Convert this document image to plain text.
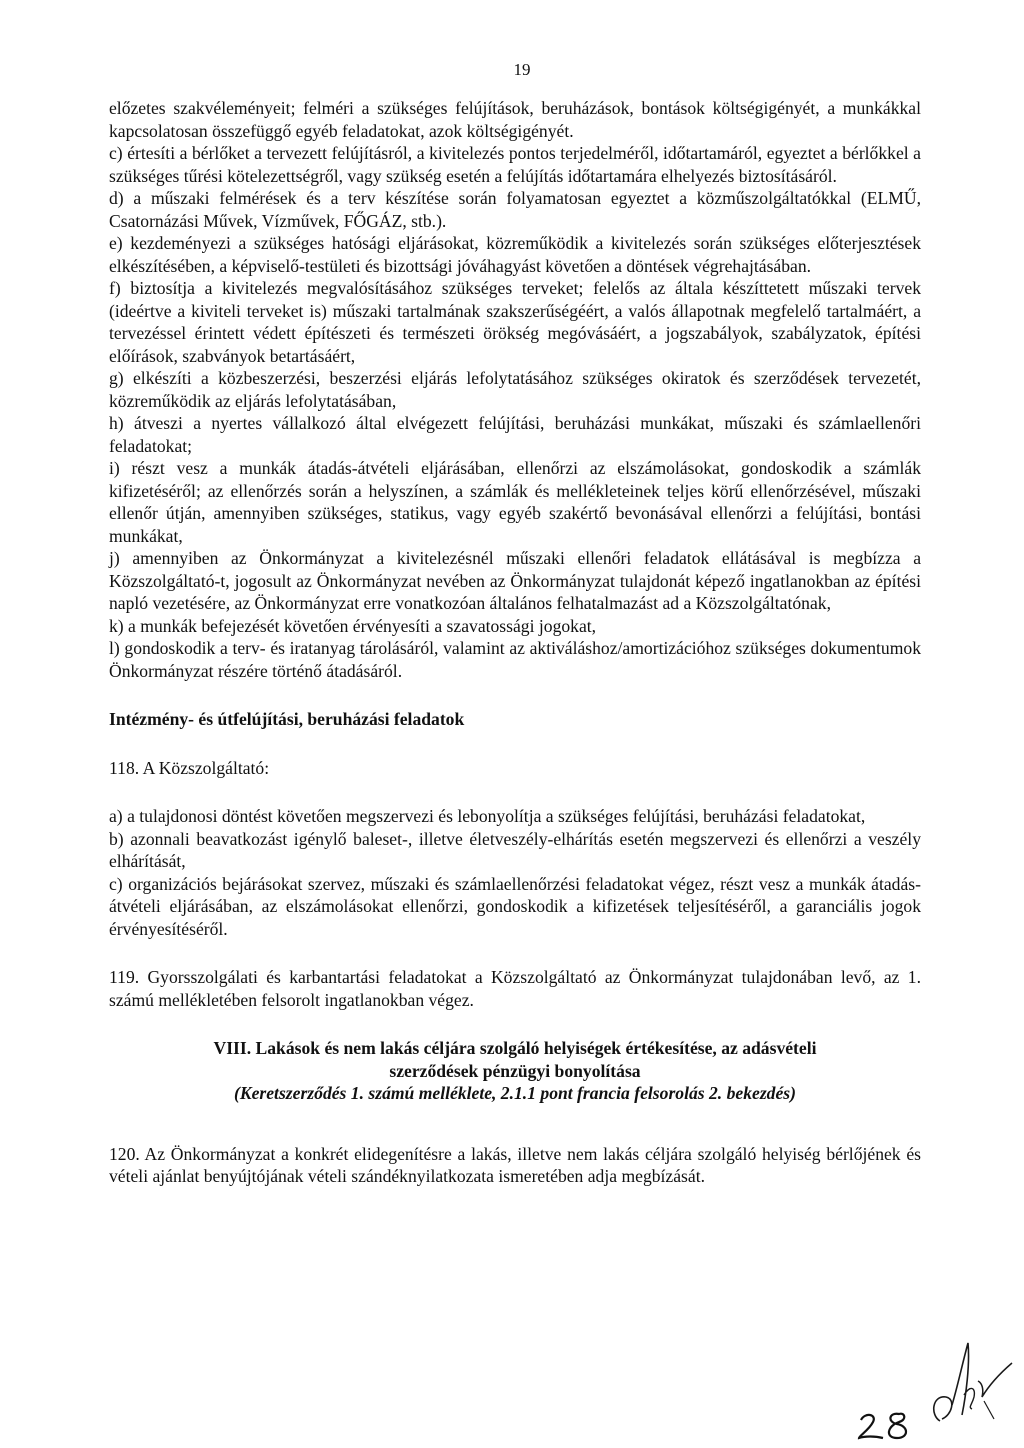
19

előzetes szakvéleményeit; felméri a szükséges felújítások, beruházások, bontások költségigényét, a munkákkal kapcsolatosan összefüggő egyéb feladatokat, azok költségigényét.

c) értesíti a bérlőket a tervezett felújításról, a kivitelezés pontos terjedelméről, időtartamáról, egyeztet a bérlőkkel a szükséges tűrési kötelezettségről, vagy szükség esetén a felújítás időtartamára elhelyezés biztosításáról.

d) a műszaki felmérések és a terv készítése során folyamatosan egyeztet a közműszolgáltatókkal (ELMŰ, Csatornázási Művek, Vízművek, FŐGÁZ, stb.).

e) kezdeményezi a szükséges hatósági eljárásokat, közreműködik a kivitelezés során szükséges előterjesztések elkészítésében, a képviselő-testületi és bizottsági jóváhagyást követően a döntések végrehajtásában.

f) biztosítja a kivitelezés megvalósításához szükséges terveket; felelős az általa készíttetett műszaki tervek (ideértve a kiviteli terveket is) műszaki tartalmának szakszerűségéért, a valós állapotnak megfelelő tartalmáért, a tervezéssel érintett védett építészeti és természeti örökség megóvásáért, a jogszabályok, szabályzatok, építési előírások, szabványok betartásáért,

g) elkészíti a közbeszerzési, beszerzési eljárás lefolytatásához szükséges okiratok és szerződések tervezetét, közreműködik az eljárás lefolytatásában,

h) átveszi a nyertes vállalkozó által elvégezett felújítási, beruházási munkákat, műszaki és számlaellenőri feladatokat;

i) részt vesz a munkák átadás-átvételi eljárásában, ellenőrzi az elszámolásokat, gondoskodik a számlák kifizetéséről; az ellenőrzés során a helyszínen, a számlák és mellékleteinek teljes körű ellenőrzésével, műszaki ellenőr útján, amennyiben szükséges, statikus, vagy egyéb szakértő bevonásával ellenőrzi a felújítási, bontási munkákat,

j) amennyiben az Önkormányzat a kivitelezésnél műszaki ellenőri feladatok ellátásával is megbízza a Közszolgáltató-t, jogosult az Önkormányzat nevében az Önkormányzat tulajdonát képező ingatlanokban az építési napló vezetésére, az Önkormányzat erre vonatkozóan általános felhatalmazást ad a Közszolgáltatónak,

k) a munkák befejezését követően érvényesíti a szavatossági jogokat,

l) gondoskodik a terv- és iratanyag tárolásáról, valamint az aktiváláshoz/amortizációhoz szükséges dokumentumok Önkormányzat részére történő átadásáról.

Intézmény- és útfelújítási, beruházási feladatok

118. A Közszolgáltató:

a) a tulajdonosi döntést követően megszervezi és lebonyolítja a szükséges felújítási, beruházási feladatokat,

b) azonnali beavatkozást igénylő baleset-, illetve életveszély-elhárítás esetén megszervezi és ellenőrzi a veszély elhárítását,

c) organizációs bejárásokat szervez, műszaki és számlaellenőrzési feladatokat végez, részt vesz a munkák átadás-átvételi eljárásában, az elszámolásokat ellenőrzi, gondoskodik a kifizetések teljesítéséről, a garanciális jogok érvényesítéséről.

119. Gyorsszolgálati és karbantartási feladatokat a Közszolgáltató az Önkormányzat tulajdonában levő, az 1. számú mellékletében felsorolt ingatlanokban végez.

VIII. Lakások és nem lakás céljára szolgáló helyiségek értékesítése, az adásvételi

szerződések pénzügyi bonyolítása

(Keretszerződés 1. számú melléklete, 2.1.1 pont francia felsorolás 2. bekezdés)

120. Az Önkormányzat a konkrét elidegenítésre a lakás, illetve nem lakás céljára szolgáló helyiség bérlőjének és vételi ajánlat benyújtójának vételi szándéknyilatkozata ismeretében adja megbízását.
